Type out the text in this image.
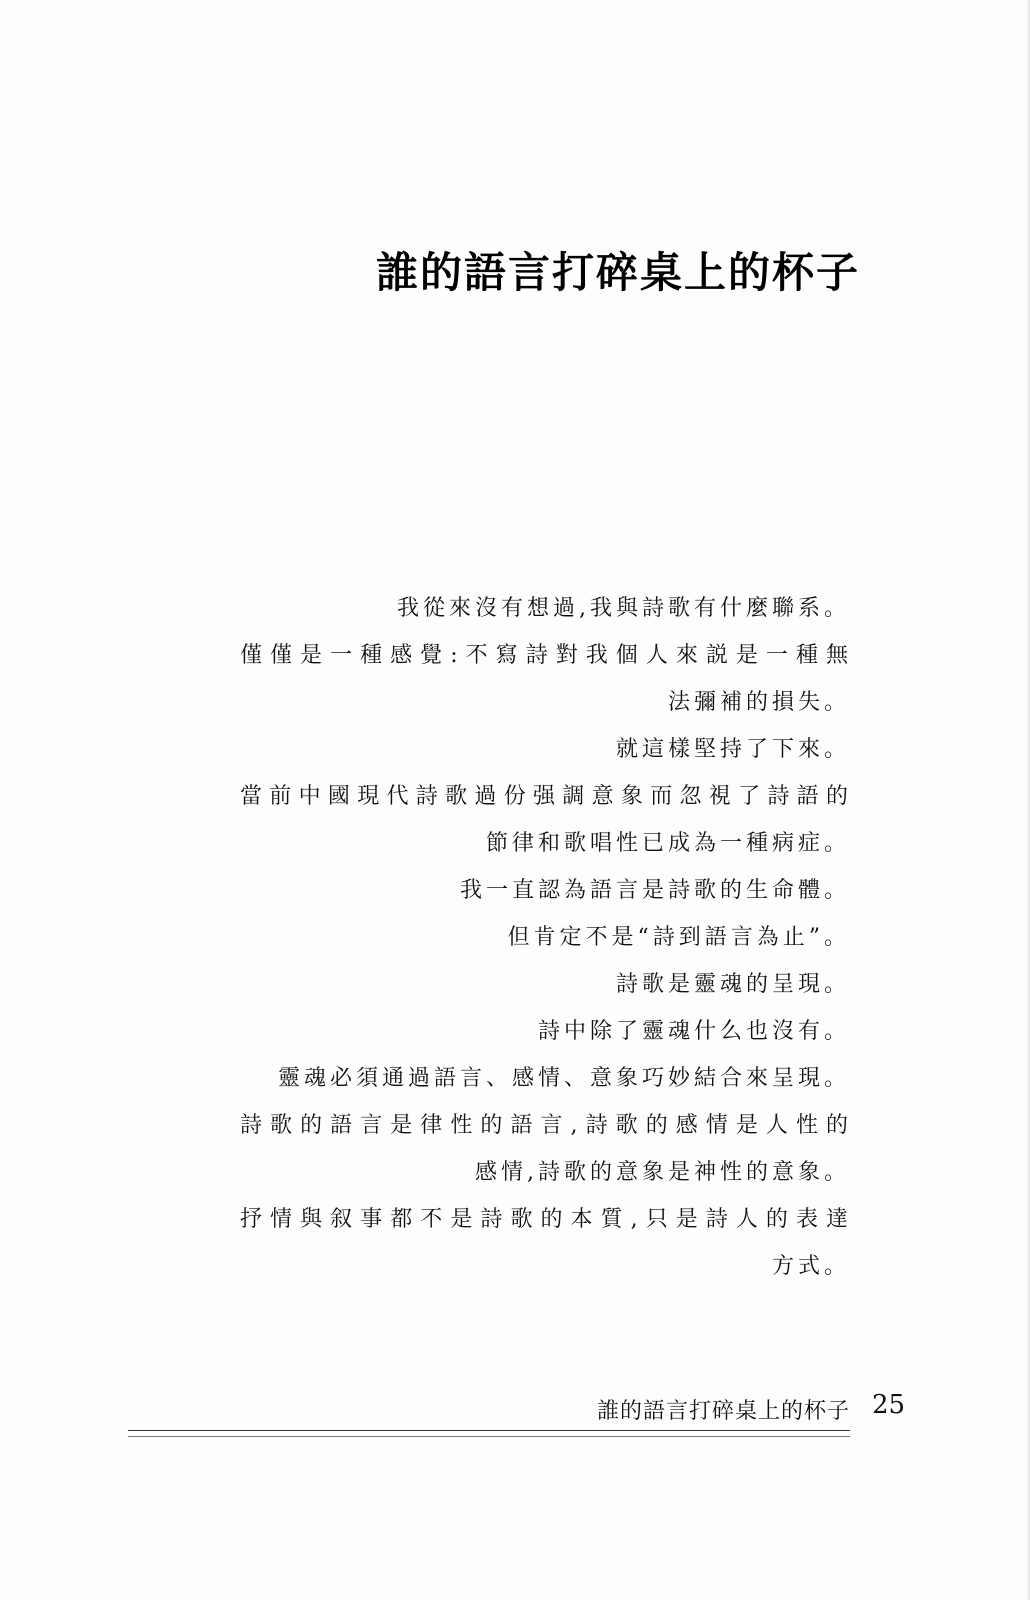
誰的語言打碎桌上的杯子
我從來沒有想過,我與詩歌有什麼聯系。
僅僅是一種感覺:不寫詩對我個人來説是一種無
法彌補的損失。
就這樣堅持了下來。
當前中國現代詩歌過份强調意象而忽視了詩語的
節律和歌唱性已成為一種病症。
我一直認為語言是詩歌的生命體。
但肯定不是“詩到語言為止”。
詩歌是靈魂的呈現。
詩中除了靈魂什么也沒有。
靈魂必須通過語言、感情、意象巧妙結合來呈現。
詩歌的語言是律性的語言,詩歌的感情是人性的
感情,詩歌的意象是神性的意象。
抒情與叙事都不是詩歌的本質,只是詩人的表達
方式。
誰的語言打碎桌上的杯子 25
